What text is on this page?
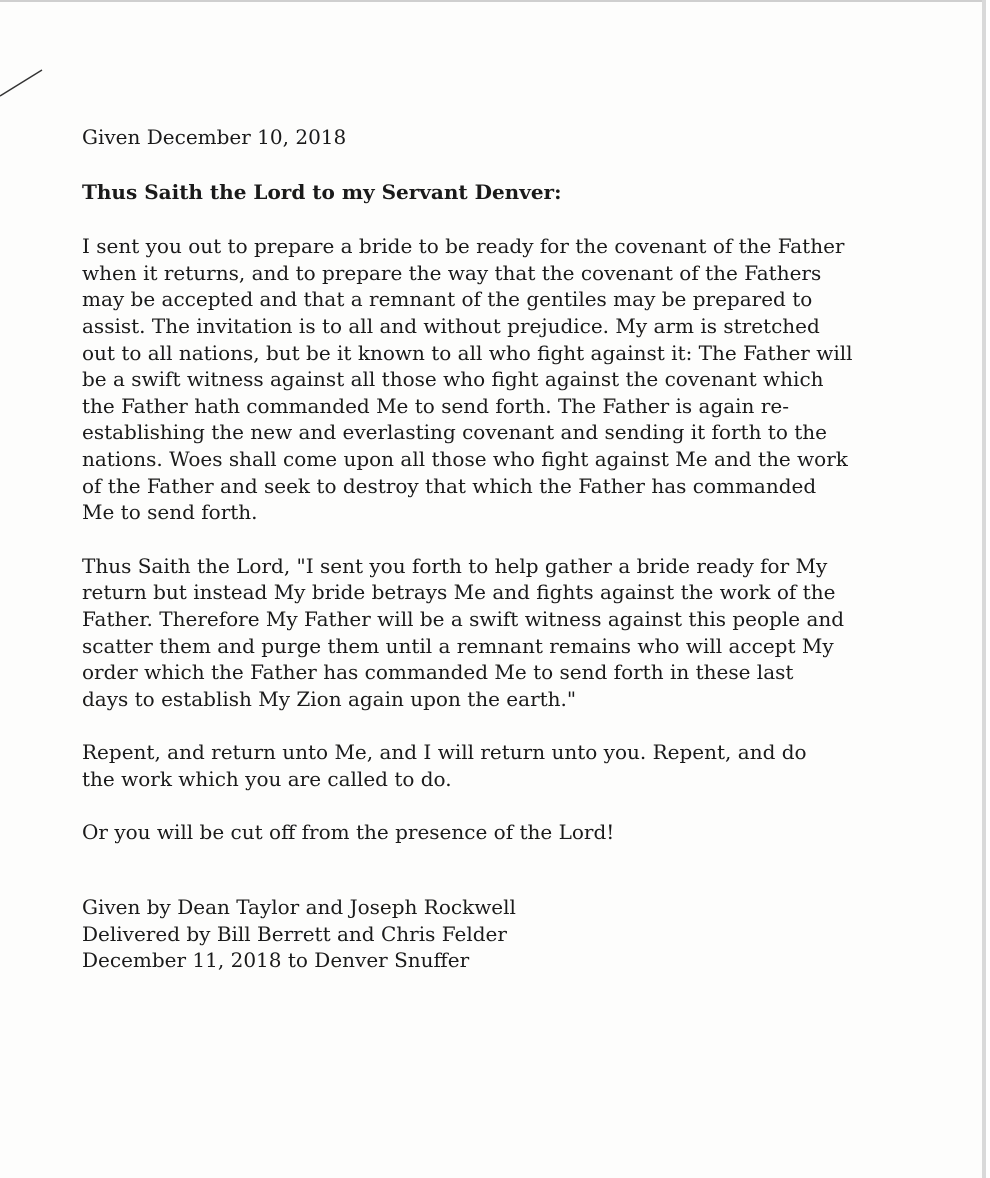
Given December 10, 2018
Thus Saith the Lord to my Servant Denver:
I sent you out to prepare a bride to be ready for the covenant of the Father
when it returns, and to prepare the way that the covenant of the Fathers
may be accepted and that a remnant of the gentiles may be prepared to
assist. The invitation is to all and without prejudice. My arm is stretched
out to all nations, but be it known to all who fight against it: The Father will
be a swift witness against all those who fight against the covenant which
the Father hath commanded Me to send forth. The Father is again re-
establishing the new and everlasting covenant and sending it forth to the
nations. Woes shall come upon all those who fight against Me and the work
of the Father and seek to destroy that which the Father has commanded
Me to send forth.
Thus Saith the Lord, "I sent you forth to help gather a bride ready for My
return but instead My bride betrays Me and fights against the work of the
Father. Therefore My Father will be a swift witness against this people and
scatter them and purge them until a remnant remains who will accept My
order which the Father has commanded Me to send forth in these last
days to establish My Zion again upon the earth."
Repent, and return unto Me, and I will return unto you. Repent, and do
the work which you are called to do.
Or you will be cut off from the presence of the Lord!
Given by Dean Taylor and Joseph Rockwell
Delivered by Bill Berrett and Chris Felder
December 11, 2018 to Denver Snuffer
